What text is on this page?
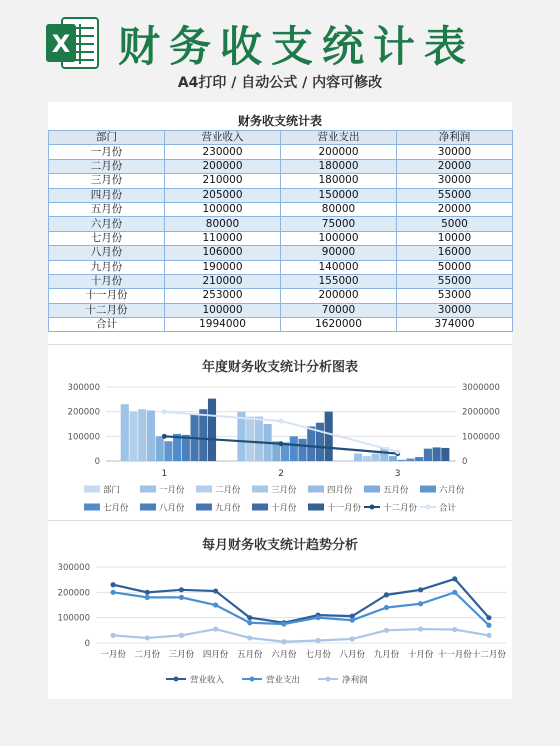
X 财务收支统计表
A4打印 / 自动公式 / 内容可修改
财务收支统计表
部门	营业收入	营业支出	净利润
一月份	230000	200000	30000
二月份	200000	180000	20000
三月份	210000	180000	30000
四月份	205000	150000	55000
五月份	100000	80000	20000
六月份	80000	75000	5000
七月份	110000	100000	10000
八月份	106000	90000	16000
九月份	190000	140000	50000
十月份	210000	155000	55000
十一月份	253000	200000	53000
十二月份	100000	70000	30000
合计	1994000	1620000	374000
年度财务收支统计分析图表
300000	3000000
200000	2000000
100000	1000000
0	0
1	2	3
部门	一月份	二月份	三月份	四月份	五月份	六月份
七月份	八月份	九月份	十月份	十一月份	十二月份	合计
每月财务收支统计趋势分析
300000
200000
100000
0
一月份 二月份 三月份 四月份 五月份 六月份 七月份 八月份 九月份 十月份 十一月份 十二月份
营业收入	营业支出	净利润
